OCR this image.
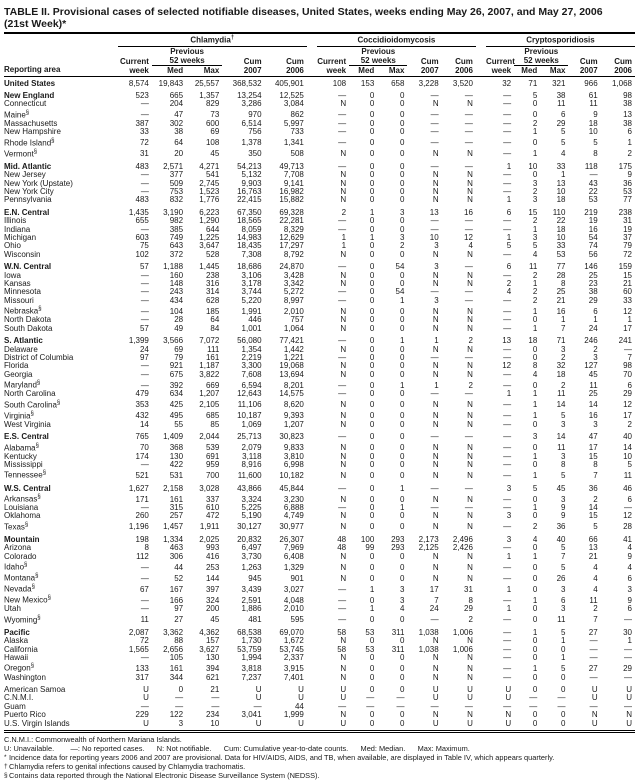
TABLE II. Provisional cases of selected notifiable diseases, United States, weeks ending May 26, 2007, and May 27, 2006
(21st Week)*
Reporting area	Chlamydia†						Coccidioidomycosis						Cryptosporidiosis				
		Previous						Previous						Previous			
	Current	52 weeks		Cum	Cum		Current	52 weeks		Cum	Cum		Current	52 weeks		Cum	Cum
	week	Med	Max	2007	2006		week	Med	Max	2007	2006		week	Med	Max	2007	2006
United States	8,574	19,843	25,557	368,532	405,901		108	153	658	3,228	3,520		32	71	321	966	1,068
New England	523	665	1,357	13,254	12,525		—	0	0	—	—		—	5	38	61	98
Connecticut	—	204	829	3,286	3,084		N	0	0	N	N		—	0	11	11	38
Maine§	—	47	73	970	862		—	0	0	—	—		—	0	6	9	13
Massachusetts	387	302	600	6,514	5,997		—	0	0	—	—		—	2	29	18	38
New Hampshire	33	38	69	756	733		—	0	0	—	—		—	1	5	10	6
Rhode Island§	72	64	108	1,378	1,341		—	0	0	—	—		—	0	5	5	1
Vermont§	31	20	45	350	508		N	0	0	N	N		—	1	4	8	2
Mid. Atlantic	483	2,571	4,271	54,213	49,713		—	0	0	—	—		1	10	33	118	175
New Jersey	—	377	541	5,132	7,708		N	0	0	N	N		—	0	1	—	9
New York (Upstate)	—	509	2,745	9,903	9,141		N	0	0	N	N		—	3	13	43	36
New York City	—	753	1,523	16,763	16,982		N	0	0	N	N		—	2	10	22	53
Pennsylvania	483	832	1,776	22,415	15,882		N	0	0	N	N		1	3	18	53	77
E.N. Central	1,435	3,190	6,223	67,350	69,328		2	1	3	13	16		6	15	110	219	238
Illinois	655	982	1,290	18,565	22,281		—	0	0	—	—		—	2	22	19	31
Indiana	—	385	644	8,059	8,329		—	0	0	—	—		—	1	18	16	19
Michigan	603	749	1,225	14,983	12,629		1	1	3	10	12		1	3	10	54	37
Ohio	75	643	3,647	18,435	17,297		1	0	2	3	4		5	5	33	74	79
Wisconsin	102	372	528	7,308	8,792		N	0	0	N	N		—	4	53	56	72
W.N. Central	57	1,188	1,445	18,686	24,870		—	0	54	3	—		6	11	77	146	159
Iowa	—	160	238	3,106	3,428		N	0	0	N	N		—	2	28	25	15
Kansas	—	148	316	3,178	3,342		N	0	0	N	N		2	1	8	23	21
Minnesota	—	243	314	3,744	5,272		—	0	54	—	—		4	2	25	38	60
Missouri	—	434	628	5,220	8,997		—	0	1	3	—		—	2	21	29	33
Nebraska§	—	104	185	1,991	2,010		N	0	0	N	N		—	1	16	6	12
North Dakota	—	28	64	446	757		N	0	0	N	N		—	0	1	1	1
South Dakota	57	49	84	1,001	1,064		N	0	0	N	N		—	1	7	24	17
S. Atlantic	1,399	3,566	7,072	56,080	77,421		—	0	1	1	2		13	18	71	246	241
Delaware	24	69	111	1,354	1,442		N	0	0	N	N		—	0	3	2	—
District of Columbia	97	79	161	2,219	1,221		—	0	0	—	—		—	0	2	3	7
Florida	—	921	1,187	3,300	19,068		N	0	0	N	N		12	8	32	127	98
Georgia	—	675	3,822	7,608	13,694		N	0	0	N	N		—	4	18	45	70
Maryland§	—	392	669	6,594	8,201		—	0	1	1	2		—	0	2	11	6
North Carolina	479	634	1,207	12,643	14,575		—	0	0	—	—		1	1	11	25	29
South Carolina§	353	425	2,105	11,106	8,620		N	0	0	N	N		—	1	14	14	12
Virginia§	432	495	685	10,187	9,393		N	0	0	N	N		—	1	5	16	17
West Virginia	14	55	85	1,069	1,207		N	0	0	N	N		—	0	3	3	2
E.S. Central	765	1,409	2,044	25,713	30,823		—	0	0	—	—		—	3	14	47	40
Alabama§	70	368	539	2,079	9,833		N	0	0	N	N		—	0	11	17	14
Kentucky	174	130	691	3,118	3,810		N	0	0	N	N		—	1	3	15	10
Mississippi	—	422	959	8,916	6,998		N	0	0	N	N		—	0	8	8	5
Tennessee§	521	531	700	11,600	10,182		N	0	0	N	N		—	1	5	7	11
W.S. Central	1,627	2,158	3,028	43,866	45,844		—	0	1	—	—		3	5	45	36	46
Arkansas§	171	161	337	3,324	3,230		N	0	0	N	N		—	0	3	2	6
Louisiana	—	315	610	5,225	6,888		—	0	1	—	—		—	1	9	14	—
Oklahoma	260	257	472	5,190	4,749		N	0	0	N	N		3	0	9	15	12
Texas§	1,196	1,457	1,911	30,127	30,977		N	0	0	N	N		—	2	36	5	28
Mountain	198	1,334	2,025	20,832	26,307		48	100	293	2,173	2,496		3	4	40	66	41
Arizona	8	463	993	6,497	7,969		48	99	293	2,125	2,426		—	0	5	13	4
Colorado	112	306	416	3,730	6,408		N	0	0	N	N		1	1	7	21	9
Idaho§	—	44	253	1,263	1,329		N	0	0	N	N		—	0	5	4	4
Montana§	—	52	144	945	901		N	0	0	N	N		—	0	26	4	6
Nevada§	67	167	397	3,439	3,027		—	1	3	17	31		1	0	3	4	3
New Mexico§	—	166	324	2,591	4,048		—	0	3	7	8		—	1	6	11	9
Utah	—	97	200	1,886	2,010		—	1	4	24	29		1	0	3	2	6
Wyoming§	11	27	45	481	595		—	0	0	—	2		—	0	11	7	—
Pacific	2,087	3,362	4,362	68,538	69,070		58	53	311	1,038	1,006		—	1	5	27	30
Alaska	72	88	157	1,730	1,672		N	0	0	N	N		—	0	1	—	1
California	1,565	2,656	3,627	53,759	53,745		58	53	311	1,038	1,006		—	0	0	—	—
Hawaii	—	105	130	1,994	2,337		N	0	0	N	N		—	0	1	—	—
Oregon§	133	161	394	3,818	3,915		N	0	0	N	N		—	1	5	27	29
Washington	317	344	621	7,237	7,401		N	0	0	N	N		—	0	0	—	—
American Samoa	U	0	21	U	U		U	0	0	U	U		U	0	0	U	U
C.N.M.I.	U	—	—	U	U		U	—	—	U	U		U	—	—	U	U
Guam	—	—	—	—	44		—	—	—	—	—		—	—	—	—	—
Puerto Rico	229	122	234	3,041	1,999		N	0	0	N	N		N	0	0	N	N
U.S. Virgin Islands	U	3	10	U	U		U	0	0	U	U		U	0	0	U	U
C.N.M.I.: Commonwealth of Northern Mariana Islands.
U: Unavailable.        —: No reported cases.      N: Not notifiable.      Cum: Cumulative year-to-date counts.      Med: Median.      Max: Maximum.
* Incidence data for reporting years 2006 and 2007 are provisional. Data for HIV/AIDS, AIDS, and TB, when available, are displayed in Table IV, which appears quarterly.
†Chlamydia refers to genital infections caused by Chlamydia trachomatis.
§Contains data reported through the National Electronic Disease Surveillance System (NEDSS).
